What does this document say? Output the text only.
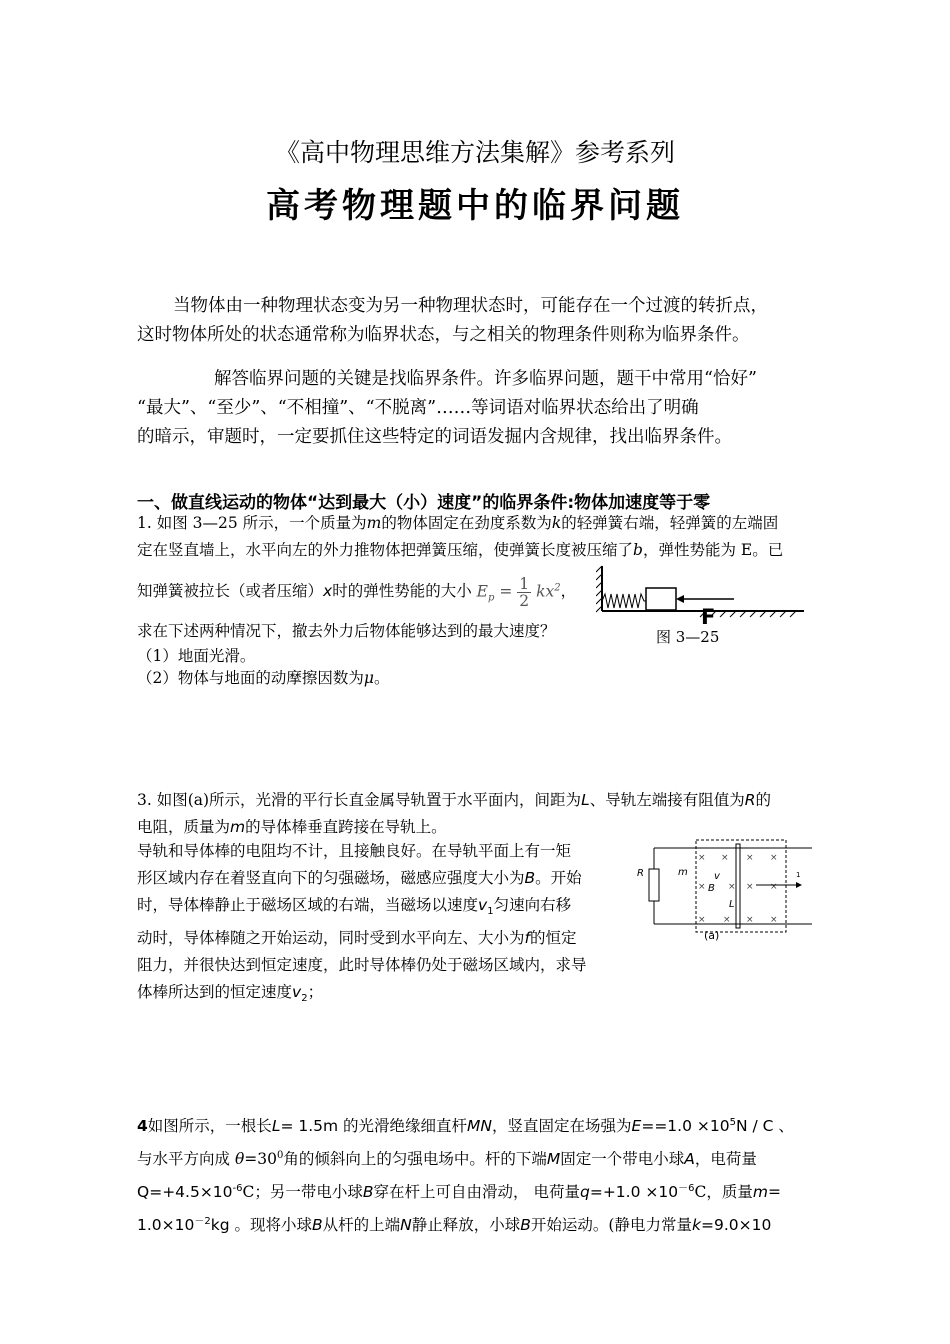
《高中物理思维方法集解》参考系列
高考物理题中的临界问题
当物体由一种物理状态变为另一种物理状态时，可能存在一个过渡的转折点，
这时物体所处的状态通常称为临界状态，与之相关的物理条件则称为临界条件。
解答临界问题的关键是找临界条件。许多临界问题，题干中常用“恰好”
“最大”、“至少”、“不相撞”、“不脱离”……等词语对临界状态给出了明确
的暗示，审题时，一定要抓住这些特定的词语发掘内含规律，找出临界条件。
一、做直线运动的物体“达到最大（小）速度”的临界条件:物体加速度等于零
1. 如图 3—25 所示，一个质量为m的物体固定在劲度系数为k的轻弹簧右端，轻弹簧的左端固
定在竖直墙上，水平向左的外力推物体把弹簧压缩，使弹簧长度被压缩了b，弹性势能为 E。已
知弹簧被拉长（或者压缩）x时的弹性势能的大小 $E_p = \frac{1}{2} kx^2$，
求在下述两种情况下，撤去外力后物体能够达到的最大速度？
（1）地面光滑。
（2）物体与地面的动摩擦因数为μ。
F
图 3—25
3. 如图(a)所示，光滑的平行长直金属导轨置于水平面内，间距为L、导轨左端接有阻值为R的
电阻，质量为m的导体棒垂直跨接在导轨上。
导轨和导体棒的电阻均不计，且接触良好。在导轨平面上有一矩
形区域内存在着竖直向下的匀强磁场，磁感应强度大小为B。开始
时，导体棒静止于磁场区域的右端，当磁场以速度$v_1$匀速向右移
动时，导体棒随之开始运动，同时受到水平向左、大小为f的恒定
阻力，并很快达到恒定速度，此时导体棒仍处于磁场区域内，求导
体棒所达到的恒定速度$v_2$；
R
× × × ×
× × × ×
× × × ×
m	v
B
L
1
(a)
4如图所示，一根长L= 1.5m 的光滑绝缘细直杆MN，竖直固定在场强为$E==1.0 \times 10^5N / C$ 、
与水平方向成 $\theta=30^0$角的倾斜向上的匀强电场中。杆的下端M固定一个带电小球A，电荷量
$Q=+4.5\times 10^{-6}C$；另一带电小球B穿在杆上可自由滑动， 电荷量$q=+1.0 \times 10^{-6}C$，质量m=
$1.0\times 10^{-2}kg$ 。现将小球B从杆的上端N静止释放，小球B开始运动。(静电力常量k=9.0×10
